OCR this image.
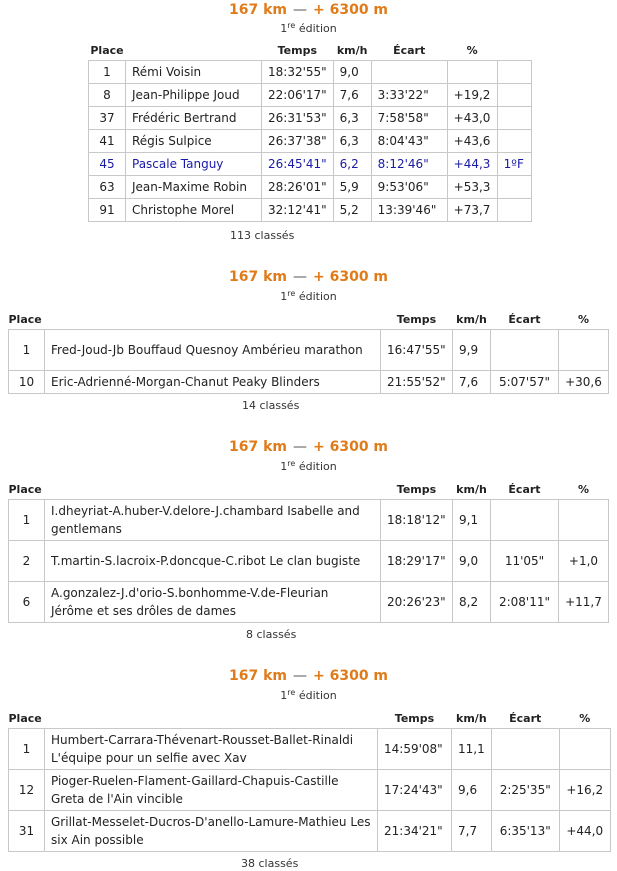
167 km — + 6300 m
1re édition
Place		Temps	km/h	Écart	%	
1	Rémi Voisin	18:32'55"	9,0			
8	Jean-Philippe Joud	22:06'17"	7,6	3:33'22"	+19,2	
37	Frédéric Bertrand	26:31'53"	6,3	7:58'58"	+43,0	
41	Régis Sulpice	26:37'38"	6,3	8:04'43"	+43,6	
45	Pascale Tanguy	26:45'41"	6,2	8:12'46"	+44,3	1ºF
63	Jean-Maxime Robin	28:26'01"	5,9	9:53'06"	+53,3	
91	Christophe Morel	32:12'41"	5,2	13:39'46"	+73,7	
113 classés
167 km — + 6300 m
1re édition
Place		Temps	km/h	Écart	%
1	Fred-Joud-Jb Bouffaud Quesnoy Ambérieu marathon	16:47'55"	9,9		
10	Eric-Adrienné-Morgan-Chanut Peaky Blinders	21:55'52"	7,6	5:07'57"	+30,6
14 classés
167 km — + 6300 m
1re édition
Place		Temps	km/h	Écart	%
1	I.dheyriat-A.huber-V.delore-J.chambard Isabelle and gentlemans	18:18'12"	9,1		
2	T.martin-S.lacroix-P.doncque-C.ribot Le clan bugiste	18:29'17"	9,0	11'05"	+1,0
6	A.gonzalez-J.d'orio-S.bonhomme-V.de-Fleurian Jérôme et ses drôles de dames	20:26'23"	8,2	2:08'11"	+11,7
8 classés
167 km — + 6300 m
1re édition
Place		Temps	km/h	Écart	%
1	Humbert-Carrara-Thévenart-Rousset-Ballet-Rinaldi L'équipe pour un selfie avec Xav	14:59'08"	11,1		
12	Pioger-Ruelen-Flament-Gaillard-Chapuis-Castille Greta de l'Ain vincible	17:24'43"	9,6	2:25'35"	+16,2
31	Grillat-Messelet-Ducros-D'anello-Lamure-Mathieu Les six Ain possible	21:34'21"	7,7	6:35'13"	+44,0
38 classés
